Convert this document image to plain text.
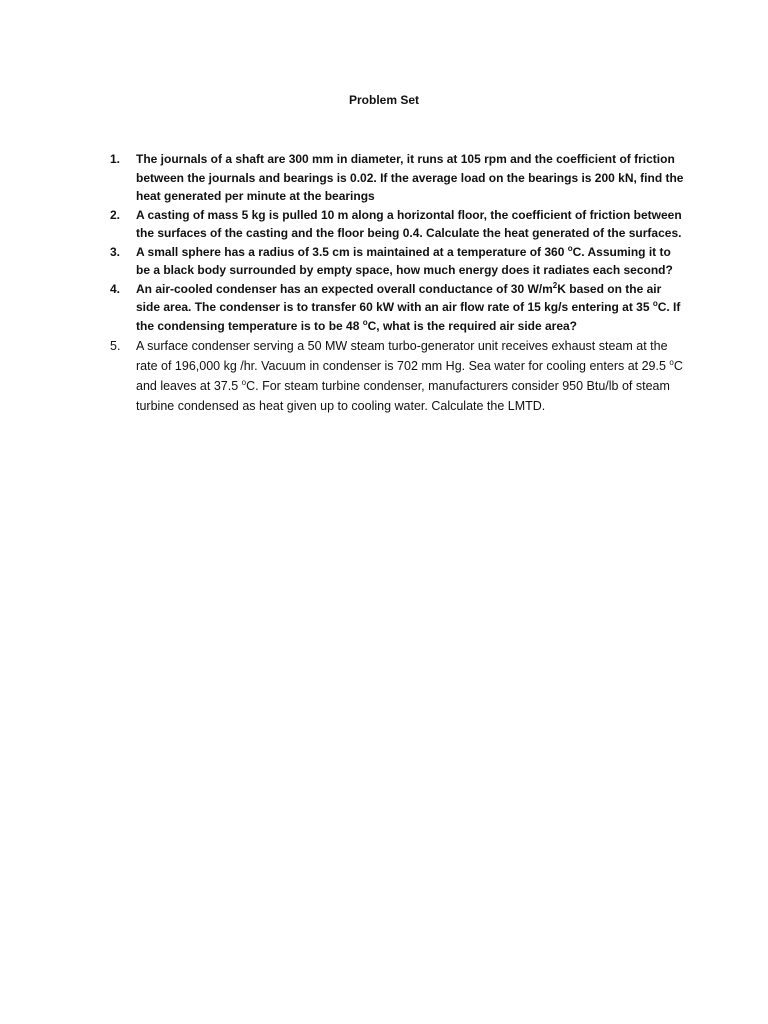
Problem Set
1. The journals of a shaft are 300 mm in diameter, it runs at 105 rpm and the coefficient of friction between the journals and bearings is 0.02. If the average load on the bearings is 200 kN, find the heat generated per minute at the bearings
2. A casting of mass 5 kg is pulled 10 m along a horizontal floor, the coefficient of friction between the surfaces of the casting and the floor being 0.4. Calculate the heat generated of the surfaces.
3. A small sphere has a radius of 3.5 cm is maintained at a temperature of 360 $^o$C. Assuming it to be a black body surrounded by empty space, how much energy does it radiates each second?
4. An air-cooled condenser has an expected overall conductance of 30 $W/m^2K$ based on the air side area. The condenser is to transfer 60 kW with an air flow rate of 15 kg/s entering at 35 $^o$C. If the condensing temperature is to be 48 $^o$C, what is the required air side area?
5. A surface condenser serving a 50 MW steam turbo-generator unit receives exhaust steam at the rate of 196,000 kg /hr. Vacuum in condenser is 702 mm Hg. Sea water for cooling enters at 29.5 $^o$C and leaves at 37.5 $^o$C. For steam turbine condenser, manufacturers consider 950 Btu/lb of steam turbine condensed as heat given up to cooling water. Calculate the LMTD.
